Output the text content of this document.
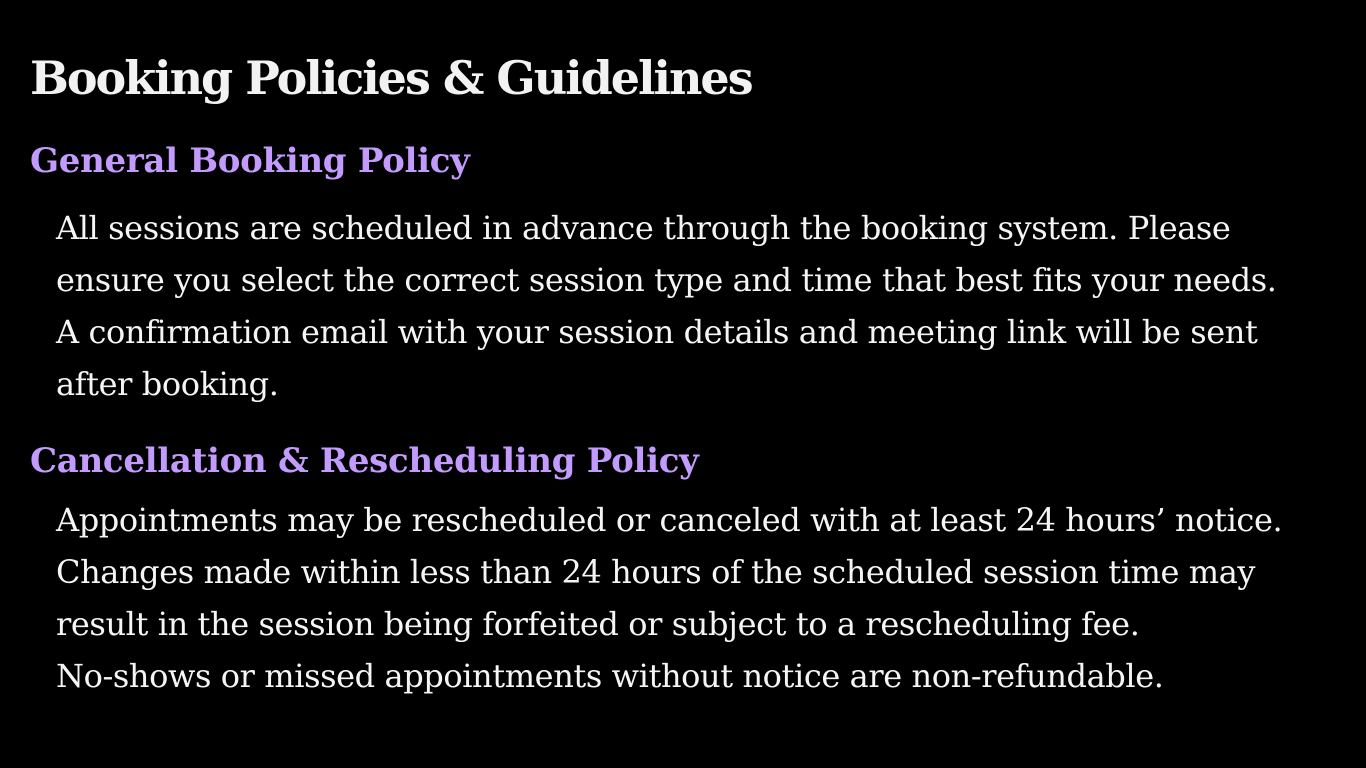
Booking Policies & Guidelines
General Booking Policy
All sessions are scheduled in advance through the booking system. Please
ensure you select the correct session type and time that best fits your needs.
A confirmation email with your session details and meeting link will be sent
after booking.
Cancellation & Rescheduling Policy
Appointments may be rescheduled or canceled with at least 24 hours’ notice.
Changes made within less than 24 hours of the scheduled session time may
result in the session being forfeited or subject to a rescheduling fee.
No-shows or missed appointments without notice are non-refundable.
